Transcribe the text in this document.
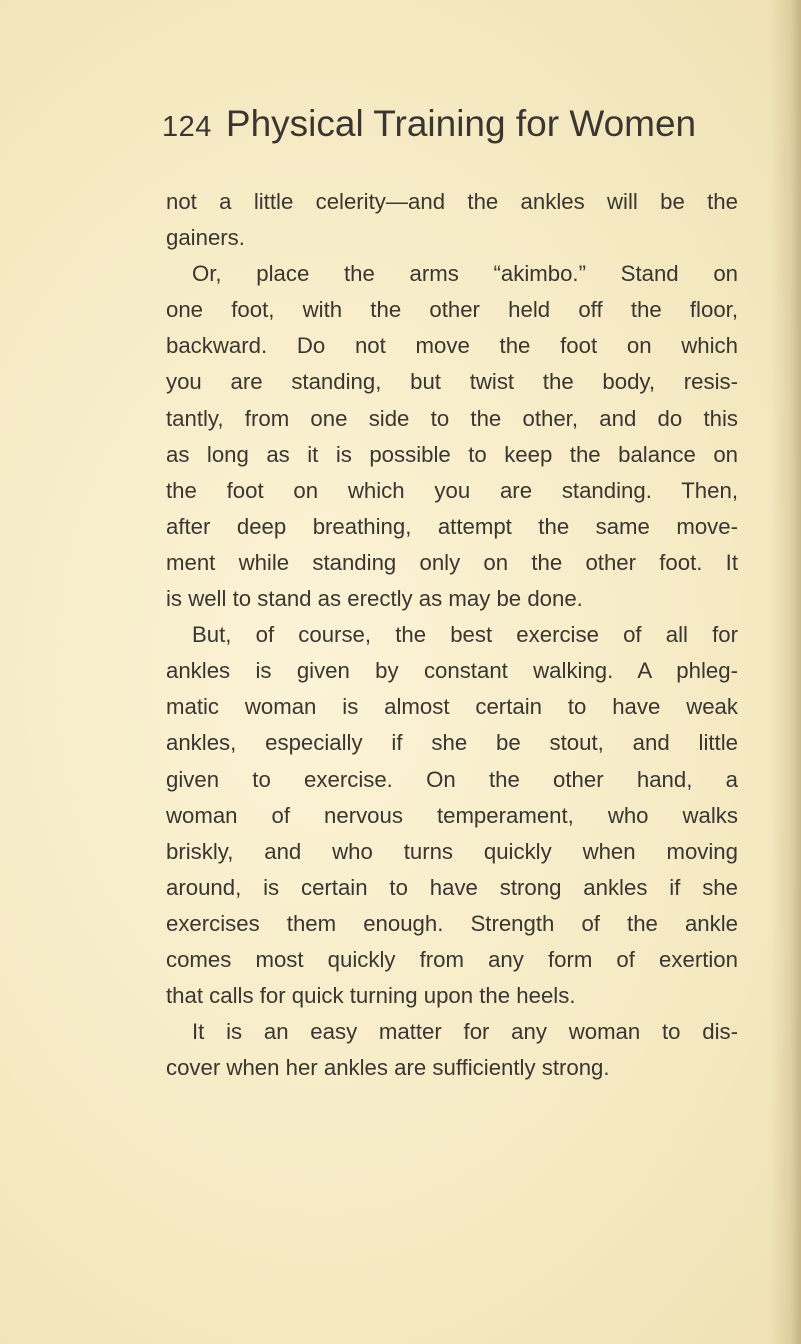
124 Physical Training for Women
not a little celerity—and the ankles will be the
gainers.
Or, place the arms “akimbo.” Stand on
one foot, with the other held off the floor,
backward. Do not move the foot on which
you are standing, but twist the body, resis-
tantly, from one side to the other, and do this
as long as it is possible to keep the balance on
the foot on which you are standing. Then,
after deep breathing, attempt the same move-
ment while standing only on the other foot. It
is well to stand as erectly as may be done.
But, of course, the best exercise of all for
ankles is given by constant walking. A phleg-
matic woman is almost certain to have weak
ankles, especially if she be stout, and little
given to exercise. On the other hand, a
woman of nervous temperament, who walks
briskly, and who turns quickly when moving
around, is certain to have strong ankles if she
exercises them enough. Strength of the ankle
comes most quickly from any form of exertion
that calls for quick turning upon the heels.
It is an easy matter for any woman to dis-
cover when her ankles are sufficiently strong.
